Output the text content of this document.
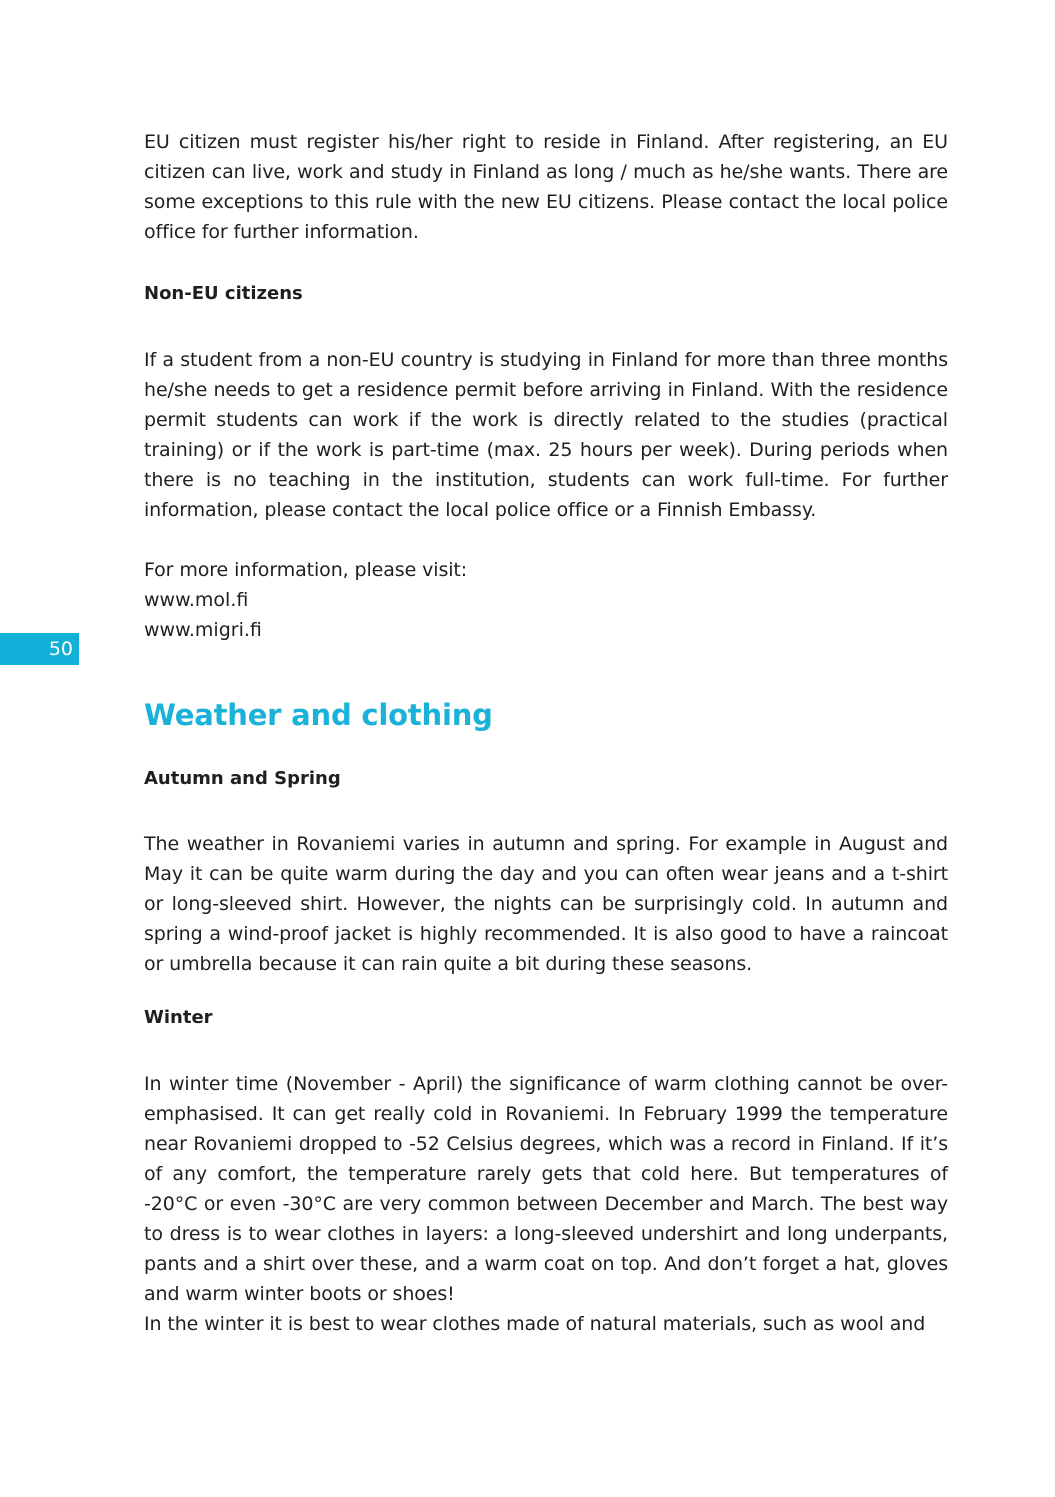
50

EU citizen must register his/her right to reside in Finland. After registering, an EU citizen can live, work and study in Finland as long / much as he/she wants. There are some exceptions to this rule with the new EU citizens. Please contact the local police office for further information.

Non-EU citizens

If a student from a non-EU country is studying in Finland for more than three months he/she needs to get a residence permit before arriving in Finland. With the residence permit students can work if the work is directly related to the studies (practical training) or if the work is part-time (max. 25 hours per week). During periods when there is no teaching in the institution, students can work full-time. For further information, please contact the local police office or a Finnish Embassy.

For more information, please visit:

www.mol.fi
www.migri.fi
Weather and clothing
Autumn and Spring

The weather in Rovaniemi varies in autumn and spring. For example in August and May it can be quite warm during the day and you can often wear jeans and a t-shirt or long-sleeved shirt. However, the nights can be surprisingly cold. In autumn and spring a wind-proof jacket is highly recommended. It is also good to have a raincoat or umbrella because it can rain quite a bit during these seasons.

Winter

In winter time (November - April) the significance of warm clothing cannot be over-emphasised. It can get really cold in Rovaniemi. In February 1999 the temperature near Rovaniemi dropped to -52 Celsius degrees, which was a record in Finland. If it’s of any comfort, the temperature rarely gets that cold here. But temperatures of -20°C or even -30°C are very common between December and March. The best way to dress is to wear clothes in layers: a long-sleeved undershirt and long underpants, pants and a shirt over these, and a warm coat on top. And don’t forget a hat, gloves and warm winter boots or shoes!

In the winter it is best to wear clothes made of natural materials, such as wool and
